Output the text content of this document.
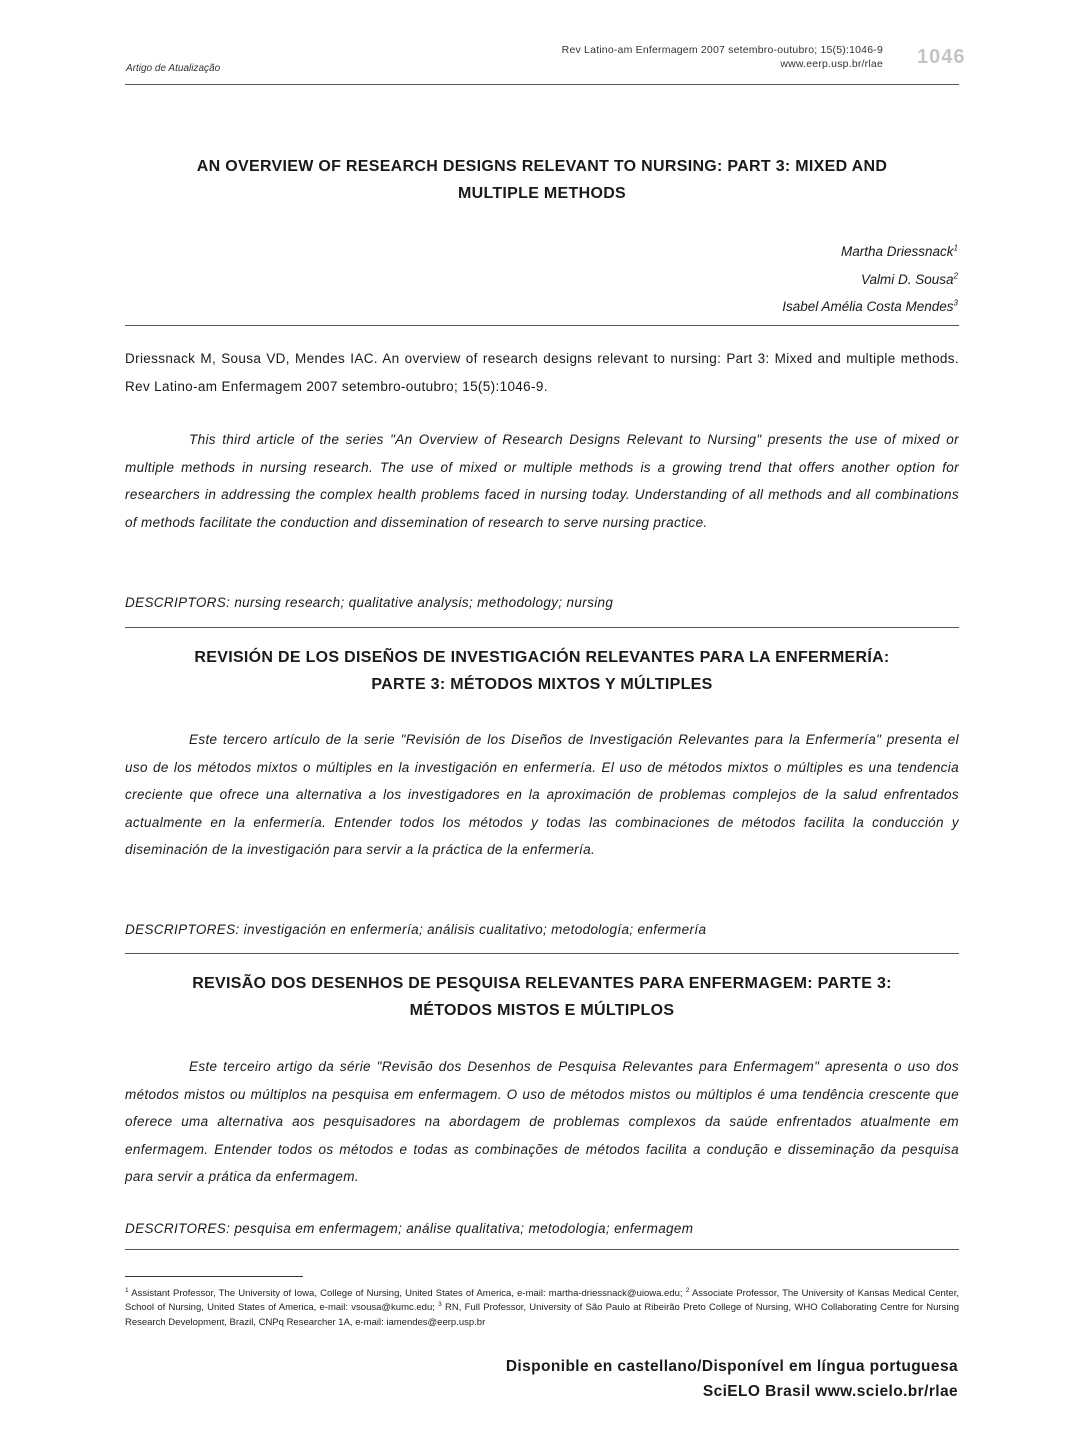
Artigo de Atualização
Rev Latino-am Enfermagem 2007 setembro-outubro; 15(5):1046-9
www.eerp.usp.br/rlae 1046
AN OVERVIEW OF RESEARCH DESIGNS RELEVANT TO NURSING: PART 3: MIXED AND
MULTIPLE METHODS
Martha Driessnack$^1$
Valmi D. Sousa$^2$
Isabel Amélia Costa Mendes$^3$
Driessnack M, Sousa VD, Mendes IAC. An overview of research designs relevant to nursing: Part 3: Mixed and multiple methods. Rev Latino-am Enfermagem 2007 setembro-outubro; 15(5):1046-9.
This third article of the series "An Overview of Research Designs Relevant to Nursing" presents the use of mixed or multiple methods in nursing research. The use of mixed or multiple methods is a growing trend that offers another option for researchers in addressing the complex health problems faced in nursing today. Understanding of all methods and all combinations of methods facilitate the conduction and dissemination of research to serve nursing practice.
DESCRIPTORS: nursing research; qualitative analysis; methodology; nursing
REVISIÓN DE LOS DISEÑOS DE INVESTIGACIÓN RELEVANTES PARA LA ENFERMERÍA:
PARTE 3: MÉTODOS MIXTOS Y MÚLTIPLES
Este tercero artículo de la serie "Revisión de los Diseños de Investigación Relevantes para la Enfermería" presenta el uso de los métodos mixtos o múltiples en la investigación en enfermería. El uso de métodos mixtos o múltiples es una tendencia creciente que ofrece una alternativa a los investigadores en la aproximación de problemas complejos de la salud enfrentados actualmente en la enfermería. Entender todos los métodos y todas las combinaciones de métodos facilita la conducción y diseminación de la investigación para servir a la práctica de la enfermería.
DESCRIPTORES: investigación en enfermería; análisis cualitativo; metodología; enfermería
REVISÃO DOS DESENHOS DE PESQUISA RELEVANTES PARA ENFERMAGEM: PARTE 3:
MÉTODOS MISTOS E MÚLTIPLOS
Este terceiro artigo da série "Revisão dos Desenhos de Pesquisa Relevantes para Enfermagem" apresenta o uso dos métodos mistos ou múltiplos na pesquisa em enfermagem. O uso de métodos mistos ou múltiplos é uma tendência crescente que oferece uma alternativa aos pesquisadores na abordagem de problemas complexos da saúde enfrentados atualmente em enfermagem. Entender todos os métodos e todas as combinações de métodos facilita a condução e disseminação da pesquisa para servir a prática da enfermagem.
DESCRITORES: pesquisa em enfermagem; análise qualitativa; metodologia; enfermagem
$^1$ Assistant Professor, The University of Iowa, College of Nursing, United States of America, e-mail: martha-driessnack@uiowa.edu; $^2$ Associate Professor, The University of Kansas Medical Center, School of Nursing, United States of America, e-mail: vsousa@kumc.edu; $^3$ RN, Full Professor, University of São Paulo at Ribeirão Preto College of Nursing, WHO Collaborating Centre for Nursing Research Development, Brazil, CNPq Researcher 1A, e-mail: iamendes@eerp.usp.br
Disponible en castellano/Disponível em língua portuguesa
SciELO Brasil www.scielo.br/rlae
